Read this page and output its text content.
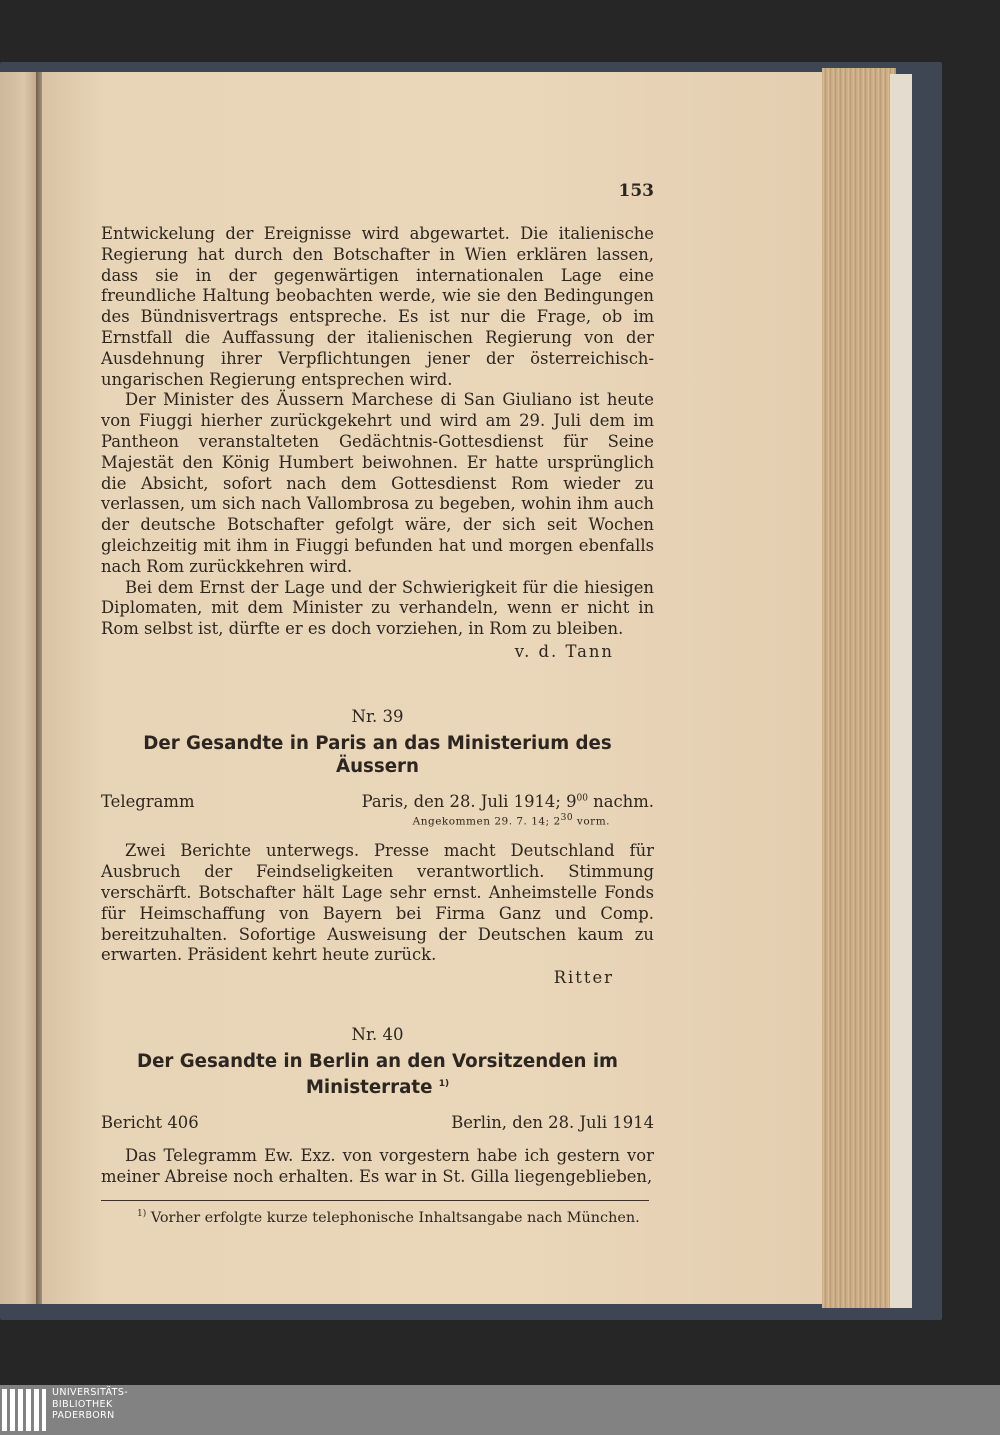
153

Entwickelung der Ereignisse wird abgewartet. Die italienische Regierung hat durch den Botschafter in Wien erklären lassen, dass sie in der gegenwärtigen internationalen Lage eine freundliche Haltung beobachten werde, wie sie den Bedingungen des Bündnisvertrags entspreche. Es ist nur die Frage, ob im Ernstfall die Auffassung der italienischen Regierung von der Ausdehnung ihrer Verpflichtungen jener der österreichisch-ungarischen Regierung entsprechen wird.

Der Minister des Äussern Marchese di San Giuliano ist heute von Fiuggi hierher zurückgekehrt und wird am 29. Juli dem im Pantheon veranstalteten Gedächtnis-Gottesdienst für Seine Majestät den König Humbert beiwohnen. Er hatte ursprünglich die Absicht, sofort nach dem Gottesdienst Rom wieder zu verlassen, um sich nach Vallombrosa zu begeben, wohin ihm auch der deutsche Botschafter gefolgt wäre, der sich seit Wochen gleichzeitig mit ihm in Fiuggi befunden hat und morgen ebenfalls nach Rom zurückkehren wird.

Bei dem Ernst der Lage und der Schwierigkeit für die hiesigen Diplomaten, mit dem Minister zu verhandeln, wenn er nicht in Rom selbst ist, dürfte er es doch vorziehen, in Rom zu bleiben.

v. d. Tann
Nr. 39
Der Gesandte in Paris an das Ministerium des Äussern
Telegramm	Paris, den 28. Juli 1914; $9^{00}$ nachm.
Angekommen 29. 7. 14; $2^{30}$ vorm.

Zwei Berichte unterwegs. Presse macht Deutschland für Ausbruch der Feindseligkeiten verantwortlich. Stimmung verschärft. Botschafter hält Lage sehr ernst. Anheimstelle Fonds für Heimschaffung von Bayern bei Firma Ganz und Comp. bereitzuhalten. Sofortige Ausweisung der Deutschen kaum zu erwarten. Präsident kehrt heute zurück.

Ritter
Nr. 40
Der Gesandte in Berlin an den Vorsitzenden im
Ministerrate $^{1)}$
Bericht 406	Berlin, den 28. Juli 1914

Das Telegramm Ew. Exz. von vorgestern habe ich gestern vor meiner Abreise noch erhalten. Es war in St. Gilla liegengeblieben,

$^{1)}$ Vorher erfolgte kurze telephonische Inhaltsangabe nach München.
UNIVERSITÄTS-
BIBLIOTHEK
PADERBORN
